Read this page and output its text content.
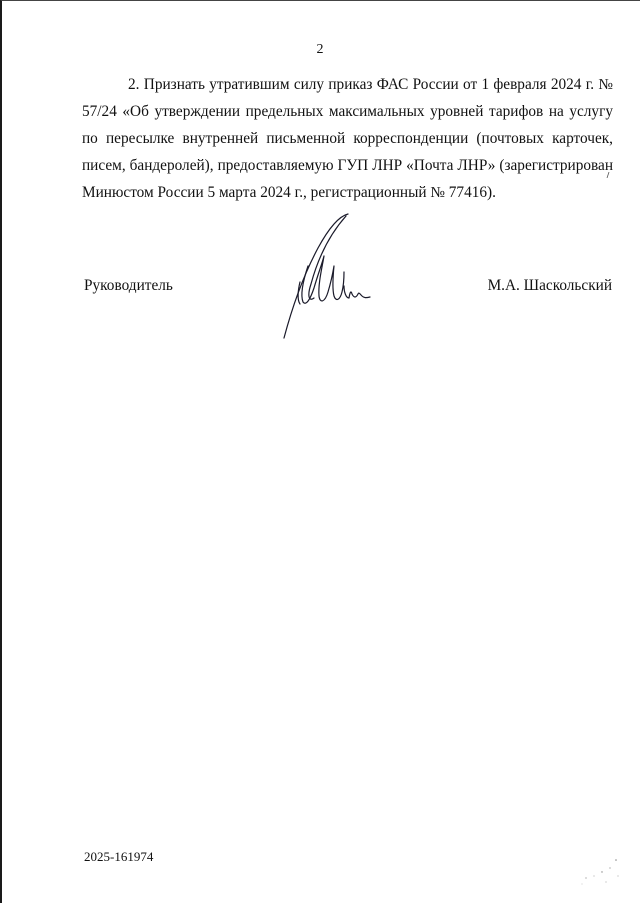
2

2. Признать утратившим силу приказ ФАС России от 1 февраля 2024 г. № 57/24 «Об утверждении предельных максимальных уровней тарифов на услугу по пересылке внутренней письменной корреспонденции (почтовых карточек, писем, бандеролей), предоставляемую ГУП ЛНР «Почта ЛНР» (зарегистрирован Минюстом России 5 марта 2024 г., регистрационный № 77416).

Руководитель	М.А. Шаскольский
2025-161974
